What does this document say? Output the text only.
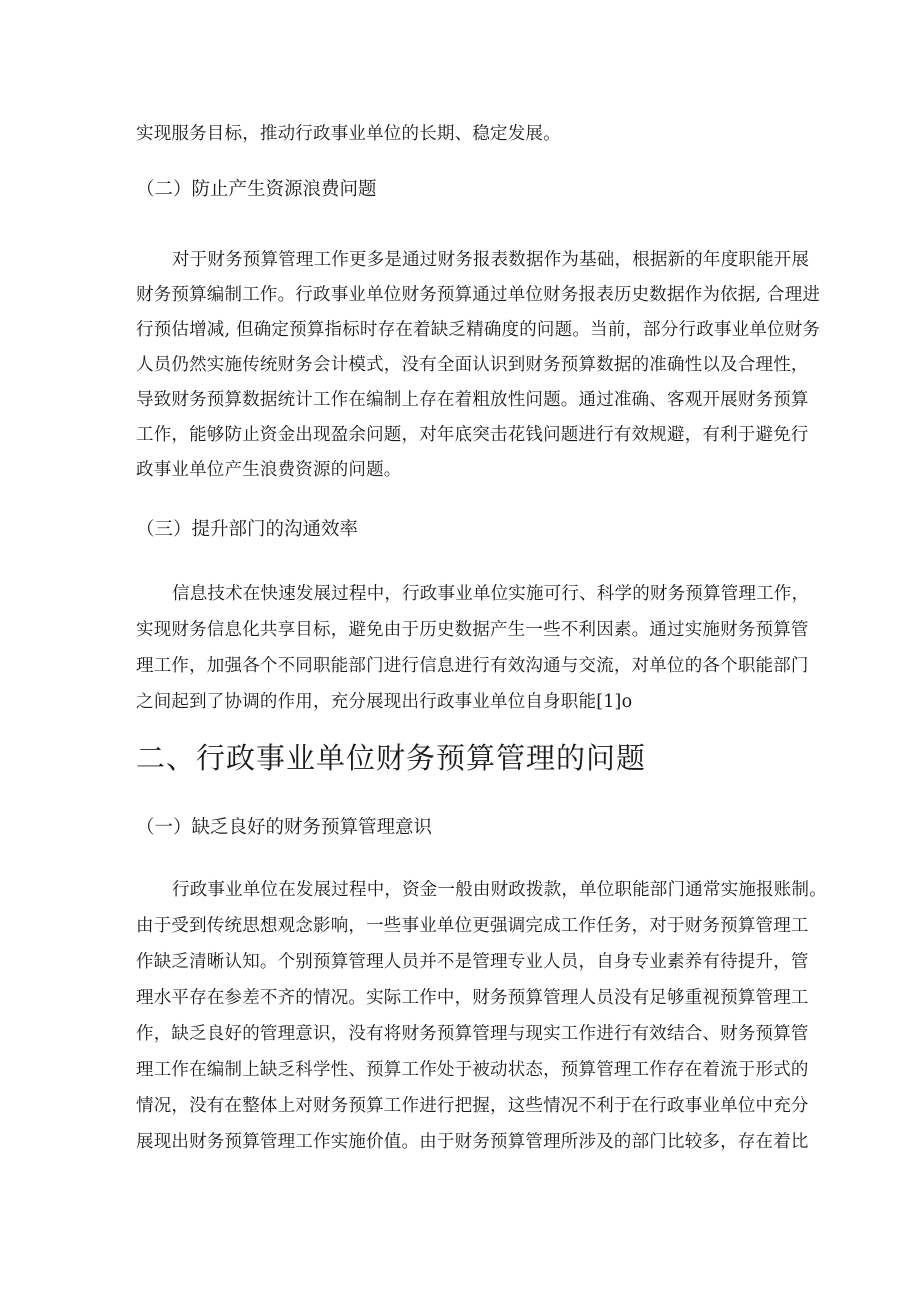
实现服务目标，推动行政事业单位的长期、稳定发展。
（二）防止产生资源浪费问题
对于财务预算管理工作更多是通过财务报表数据作为基础，根据新的年度职能开展
财务预算编制工作。行政事业单位财务预算通过单位财务报表历史数据作为依据, 合理进
行预估增减, 但确定预算指标时存在着缺乏精确度的问题。当前，部分行政事业单位财务
人员仍然实施传统财务会计模式，没有全面认识到财务预算数据的准确性以及合理性，
导致财务预算数据统计工作在编制上存在着粗放性问题。通过准确、客观开展财务预算
工作，能够防止资金出现盈余问题，对年底突击花钱问题进行有效规避，有利于避免行
政事业单位产生浪费资源的问题。
（三）提升部门的沟通效率
信息技术在快速发展过程中，行政事业单位实施可行、科学的财务预算管理工作，
实现财务信息化共享目标，避免由于历史数据产生一些不利因素。通过实施财务预算管
理工作，加强各个不同职能部门进行信息进行有效沟通与交流，对单位的各个职能部门
之间起到了协调的作用，充分展现出行政事业单位自身职能[1]o
二、行政事业单位财务预算管理的问题
（一）缺乏良好的财务预算管理意识
行政事业单位在发展过程中，资金一般由财政拨款，单位职能部门通常实施报账制。
由于受到传统思想观念影响，一些事业单位更强调完成工作任务，对于财务预算管理工
作缺乏清晰认知。个别预算管理人员并不是管理专业人员，自身专业素养有待提升，管
理水平存在参差不齐的情况。实际工作中，财务预算管理人员没有足够重视预算管理工
作，缺乏良好的管理意识，没有将财务预算管理与现实工作进行有效结合、财务预算管
理工作在编制上缺乏科学性、预算工作处于被动状态，预算管理工作存在着流于形式的
情况，没有在整体上对财务预算工作进行把握，这些情况不利于在行政事业单位中充分
展现出财务预算管理工作实施价值。由于财务预算管理所涉及的部门比较多，存在着比
